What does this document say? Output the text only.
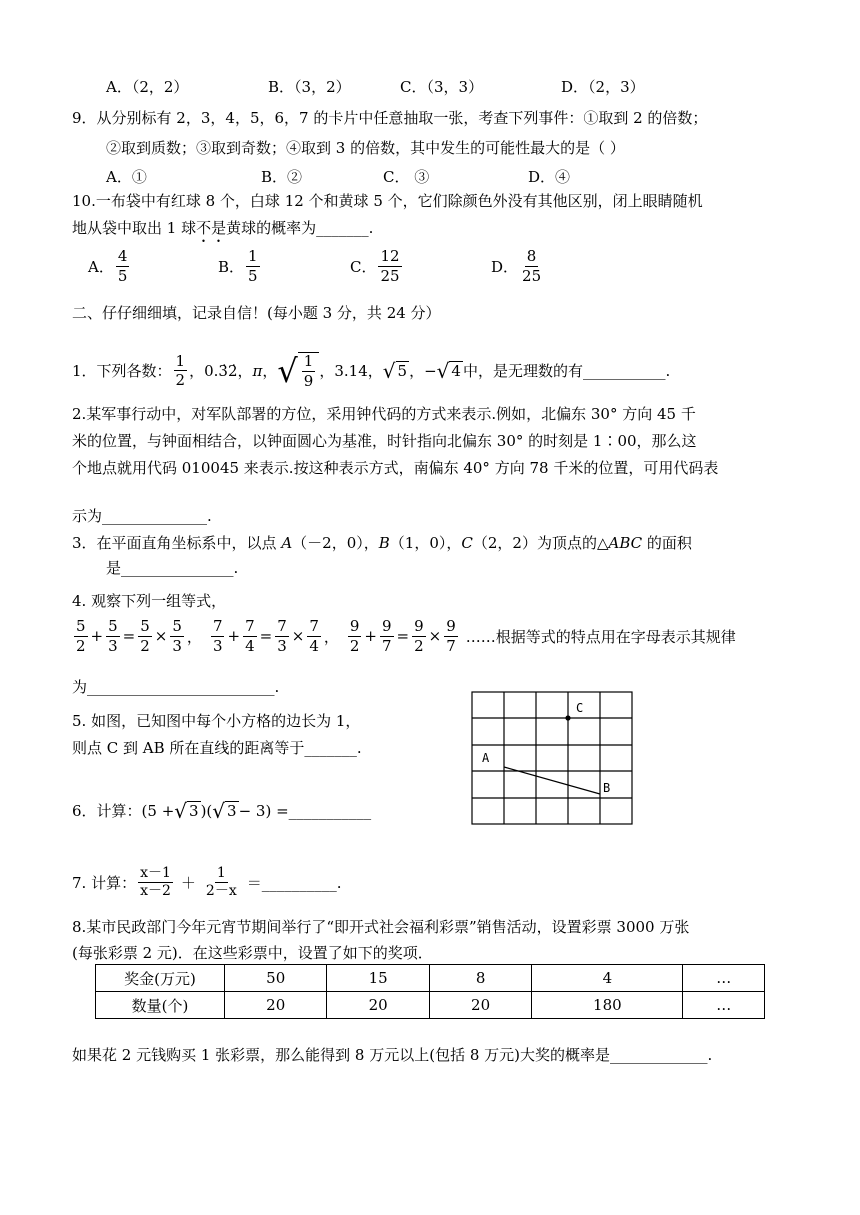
A．（2，2）	B．（3，2）	C．（3，3）	D．（2，3）
9．从分别标有 2，3，4，5，6，7 的卡片中任意抽取一张，考查下列事件：①取到 2 的倍数；
②取到质数；③取到奇数；④取到 3 的倍数，其中发生的可能性最大的是（ ）
A．①	B．②	C． ③	D．④
10.一布袋中有红球 8 个，白球 12 个和黄球 5 个，它们除颜色外没有其他区别，闭上眼睛随机
地从袋中取出 1 球不是黄球的概率为_______.
A． $\frac{4}{5}$	B． $\frac{1}{5}$	C． $\frac{12}{25}$	D． $\frac{8}{25}$
二、仔仔细细填，记录自信！(每小题 3 分，共 24 分）
1．下列各数： $\frac{1}{2}$ ， 0.3̇2̇ ， π ， √ $\frac{1}{9}$ ， 3.14 ， √ 5 ， − √ 4 中，是无理数的有___________.
2.某军事行动中，对军队部署的方位，采用钟代码的方式来表示.例如，北偏东 30° 方向 45 千
米的位置，与钟面相结合，以钟面圆心为基准，时针指向北偏东 30° 的时刻是 1∶00，那么这
个地点就用代码 010045 来表示.按这种表示方式，南偏东 40° 方向 78 千米的位置，可用代码表
示为______________.
3．在平面直角坐标系中，以点 A（－2，0），B（1，0），C（2，2）为顶点的△ABC 的面积
是_______________.
4. 观察下列一组等式，
$\frac{5}{2} + \frac{5}{3} = \frac{5}{2} \times \frac{5}{3}$ ， $\frac{7}{3} + \frac{7}{4} = \frac{7}{3} \times \frac{7}{4}$ ， $\frac{9}{2} + \frac{9}{7} = \frac{9}{2} \times \frac{9}{7}$ ……根据等式的特点用在字母表示其规律
为_________________________.
5. 如图，已知图中每个小方格的边长为 1，
则点 C 到 AB 所在直线的距离等于_______.
A
C
B
6．计算： (5 + √ 3 )( √ 3 − 3) = ___________
7. 计算： $\frac{x-1}{x-2} + \frac{1}{2-x}$ ＝__________.
8.某市民政部门今年元宵节期间举行了“即开式社会福利彩票”销售活动，设置彩票 3000 万张
(每张彩票 2 元)．在这些彩票中，设置了如下的奖项．
奖金(万元)	50	15	8	4	…
数量(个)	20	20	20	180	…
如果花 2 元钱购买 1 张彩票，那么能得到 8 万元以上(包括 8 万元)大奖的概率是_____________.
